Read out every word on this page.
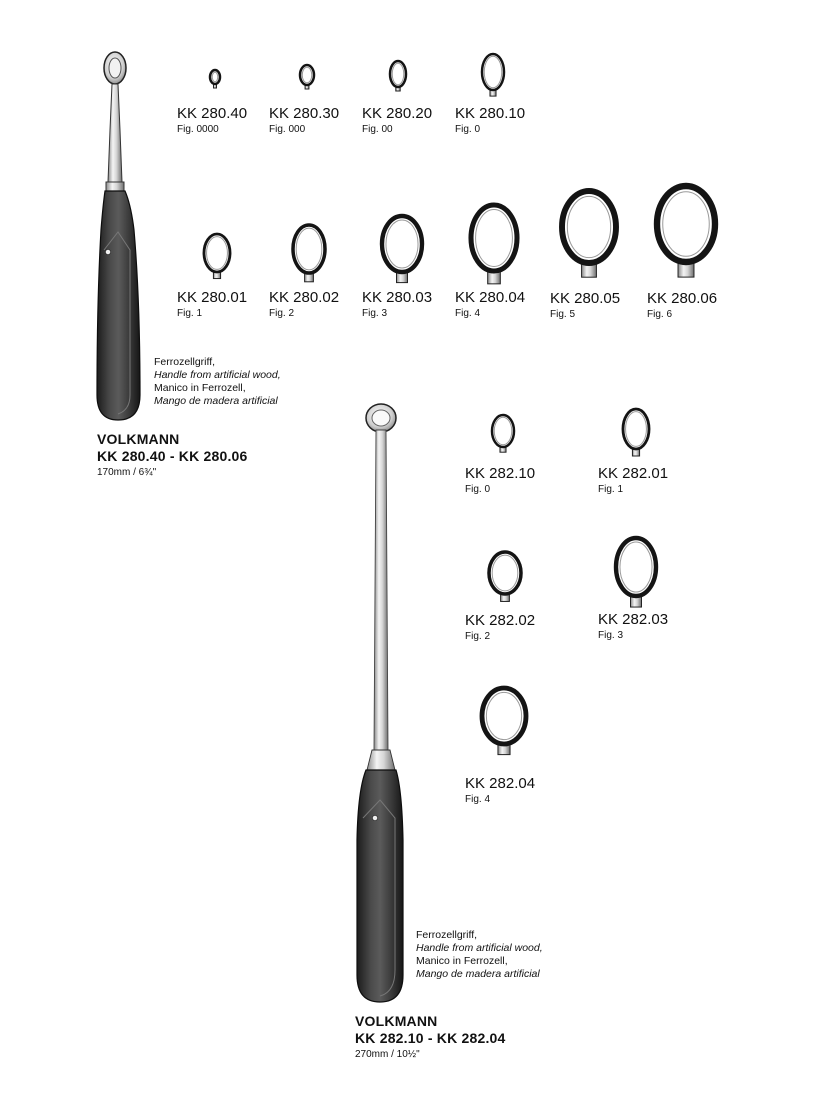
KK 280.40
Fig. 0000
KK 280.30
Fig. 000
KK 280.20
Fig. 00
KK 280.10
Fig. 0
KK 280.01
Fig. 1
KK 280.02
Fig. 2
KK 280.03
Fig. 3
KK 280.04
Fig. 4
KK 280.05
Fig. 5
KK 280.06
Fig. 6
Ferrozellgriff,
Handle from artificial wood,
Manico in Ferrozell,
Mango de madera artificial
VOLKMANN
KK 280.40 - KK 280.06
170mm / 6¾"	KK 282.10
Fig. 0
KK 282.01
Fig. 1
KK 282.02
Fig. 2
KK 282.03
Fig. 3
KK 282.04
Fig. 4
Ferrozellgriff,
Handle from artificial wood,
Manico in Ferrozell,
Mango de madera artificial
VOLKMANN
KK 282.10 - KK 282.04
270mm / 10½"
